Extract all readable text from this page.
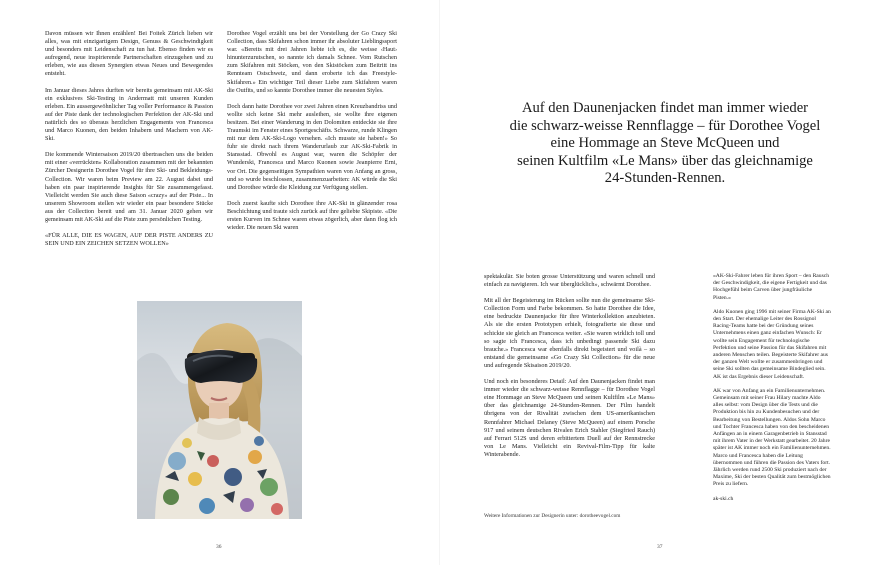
Davon müssen wir Ihnen erzählen! Bei Foitek Zürich lieben wir alles, was mit einzigartigem Design, Genuss & Geschwindigkeit und besonders mit Leidenschaft zu tun hat. Ebenso finden wir es aufregend, neue inspirierende Partnerschaften einzugehen und zu erleben, wie aus diesen Synergien etwas Neues und Bewegendes entsteht.

Im Januar dieses Jahres durften wir bereits gemeinsam mit AK-Ski ein exklusives Ski-Testing in Andermatt mit unseren Kunden erleben. Ein aussergewöhnlicher Tag voller Performance & Passion auf der Piste dank der technologischen Perfektion der AK-Ski und natürlich des so überaus herzlichen Engagements von Francesca und Marco Kuonen, den beiden Inhabern und Machern von AK-Ski.

Die kommende Wintersaison 2019/20 übertraschen uns die beiden mit einer «verrückten» Kollaboration zusammen mit der bekannten Zürcher Designerin Dorothee Vogel für ihre Ski- und Bekleidungs-Collection. Wir waren beim Preview am 22. August dabei und haben ein paar inspirierende Insights für Sie zusammengefasst. Vielleicht werden Sie auch diese Saison «crazy» auf der Piste... In unserem Showroom stellen wir wieder ein paar besondere Stücke aus der Collection bereit und am 31. Januar 2020 gehen wir gemeinsam mit AK-Ski auf die Piste zum persönlichen Testing.

«FÜR ALLE, DIE ES WAGEN, AUF DER PISTE ANDERS ZU SEIN UND EIN ZEICHEN SETZEN WOLLEN»

Dorothee Vogel erzählt uns bei der Vorstellung der Go Crazy Ski Collection, dass Skifahren schon immer ihr absoluter Lieblingssport war. «Bereits mit drei Jahren liebte ich es, die weisse ‹Haut› hinunterzurutschen, so nannte ich damals Schnee. Vom Rutschen zum Skifahren mit Stöcken, von den Skistöcken zum Beitritt ins Rennteam Ostschweiz, und dann eroberte ich das Freestyle-Skifahren.» Ein wichtiger Teil dieser Liebe zum Skifahren waren die Outfits, und so kannte Dorothee immer die neuesten Styles.

Doch dann hatte Dorothee vor zwei Jahren einen Kreuzbandriss und wollte sich keine Ski mehr ausleihen, sie wollte ihre eigenen besitzen. Bei einer Wanderung in den Dolomiten entdeckte sie ihre Traumski im Fenster eines Sportgeschäfts. Schwarze, runde Klingen mit nur dem AK-Ski-Logo versehen. «Ich musste sie haben!» So fuhr sie direkt nach ihrem Wanderurlaub zur AK-Ski-Fabrik in Stansstad. Obwohl es August war, waren die Schöpfer der Wunderski, Francesca und Marco Kuonen sowie Jeanpierre Erni, vor Ort. Die gegenseitigen Sympathien waren von Anfang an gross, und so wurde beschlossen, zusammenzuarbeiten: AK würde die Ski und Dorothee würde die Kleidung zur Verfügung stellen.

Doch zuerst kaufte sich Dorothee ihre AK-Ski in glänzender rosa Beschichtung und traute sich zurück auf ihre geliebte Skipiste. «Die ersten Kurven im Schnee waren etwas zögerlich, aber dann flog ich wieder. Die neuen Ski waren

36
Auf den Daunenjacken findet man immer wieder
die schwarz-weisse Rennflagge – für Dorothee Vogel
eine Hommage an Steve McQueen und
seinen Kultfilm «Le Mans» über das gleichnamige
24-Stunden-Rennen.

spektakulär. Sie boten grosse Unterstützung und waren schnell und einfach zu navigieren. Ich war überglücklich», schwärmt Dorothee.

Mit all der Begeisterung im Rücken sollte nun die gemeinsame Ski-Collection Form und Farbe bekommen. So hatte Dorothee die Idee, eine bedruckte Daunenjacke für ihre Winterkollektion anzubieten. Als sie die ersten Prototypen erhielt, fotografierte sie diese und schickte sie gleich an Francesca weiter. «Sie waren wirklich toll und so sagte ich Francesca, dass ich unbedingt passende Ski dazu brauche.» Francesca war ebenfalls direkt begeistert und voilà – so entstand die gemeinsame «Go Crazy Ski Collection» für die neue und aufregende Skisaison 2019/20.

Und noch ein besonderes Detail: Auf den Daunenjacken findet man immer wieder die schwarz-weisse Rennflagge – für Dorothee Vogel eine Hommage an Steve McQueen und seinen Kultfilm «Le Mans» über das gleichnamige 24-Stunden-Rennen. Der Film handelt übrigens von der Rivalität zwischen dem US-amerikanischen Rennfahrer Michael Delaney (Steve McQueen) auf einem Porsche 917 und seinem deutschen Rivalen Erich Stahler (Siegfried Rauch) auf Ferrari 512S und deren erbittertem Duell auf der Rennstrecke von Le Mans. Vielleicht ein Revival-Film-Tipp für kalte Winterabende.

Weitere Informationen zur Designerin unter: dorotheevogel.com

«AK-Ski-Fahrer leben für ihren Sport – den Rausch der Geschwindigkeit, die eigene Fertigkeit und das Hochgefühl beim Carven über jungfräuliche Pisten.»

Aldo Kuonen ging 1996 mit seiner Firma AK-Ski an den Start. Der ehemalige Leiter des Rossignol Racing-Teams hatte bei der Gründung seines Unternehmens einen ganz einfachen Wunsch: Er wollte sein Engagement für technologische Perfektion und seine Passion für das Skifahren mit anderen Menschen teilen. Begeisterte Skifahrer aus der ganzen Welt wollte er zusammenbringen und seine Ski sollten das gemeinsame Bindeglied sein. AK ist das Ergebnis dieser Leidenschaft.

AK war von Anfang an ein Familienunternehmen. Gemeinsam mit seiner Frau Hilary machte Aldo alles selbst: vom Design über die Tests und die Produktion bis hin zu Kundenbesuchen und der Bearbeitung von Bestellungen. Aldos Sohn Marco und Tochter Francesca haben von den bescheidenen Anfängen an in einem Garagenbetrieb in Stansstad mit ihrem Vater in der Werkstatt gearbeitet. 20 Jahre später ist AK immer noch ein Familienunternehmen. Marco und Francesca haben die Leitung übernommen und führen die Passion des Vaters fort. Jährlich werden rund 2500 Ski produziert nach der Maxime, Ski der besten Qualität zum bestmöglichen Preis zu liefern.

ak-ski.ch

37
